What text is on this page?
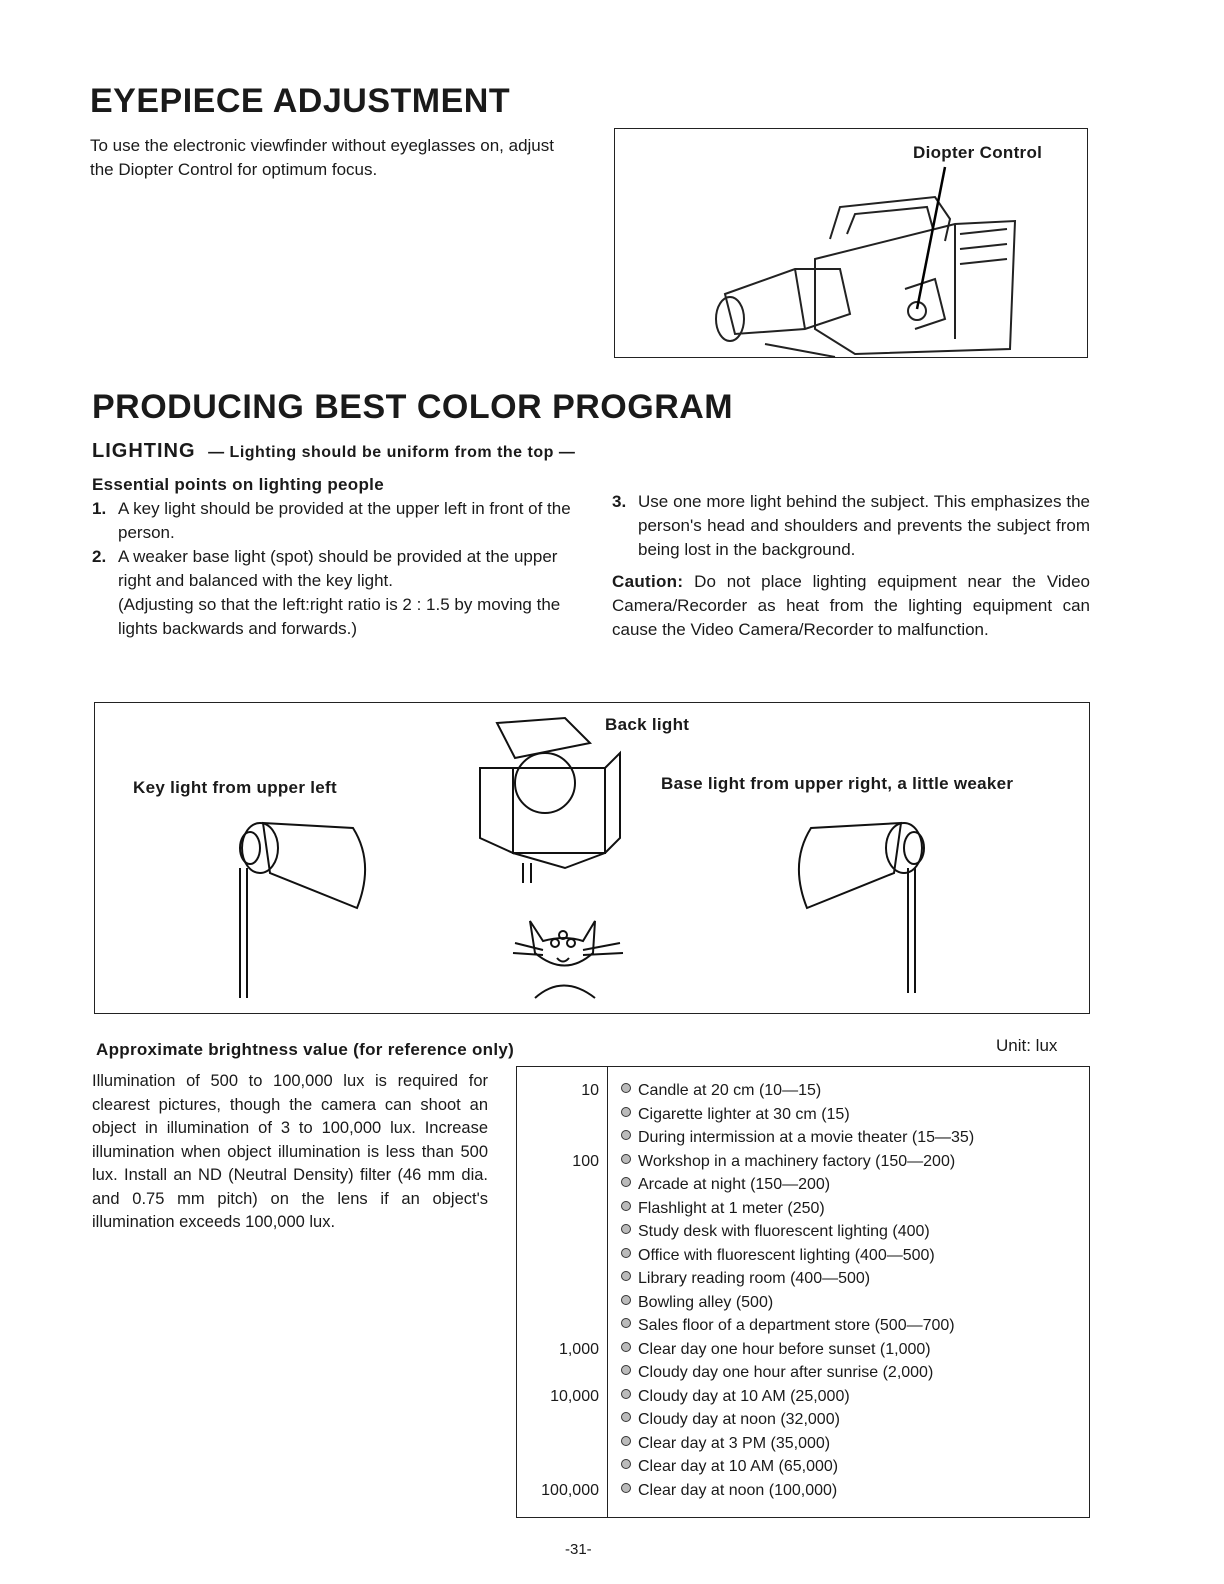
EYEPIECE ADJUSTMENT
To use the electronic viewfinder without eyeglasses on, adjust the Diopter Control for optimum focus.
Diopter Control
PRODUCING BEST COLOR PROGRAM
LIGHTING — Lighting should be uniform from the top —
Essential points on lighting people
1. A key light should be provided at the upper left in front of the person.
2. A weaker base light (spot) should be provided at the upper right and balanced with the key light.
(Adjusting so that the left:right ratio is 2 : 1.5 by moving the lights backwards and forwards.)
3. Use one more light behind the subject. This emphasizes the person's head and shoulders and prevents the subject from being lost in the background.
Caution: Do not place lighting equipment near the Video Camera/Recorder as heat from the lighting equipment can cause the Video Camera/Recorder to malfunction.
Back light
Key light from upper left	Base light from upper right, a little weaker
Approximate brightness value (for reference only)	Unit: lux
Illumination of 500 to 100,000 lux is required for clearest pictures, though the camera can shoot an object in illumination of 3 to 100,000 lux. Increase illumination when object illumination is less than 500 lux. Install an ND (Neutral Density) filter (46 mm dia. and 0.75 mm pitch) on the lens if an object's illumination exceeds 100,000 lux.
10	Candle at 20 cm (10—15)
Cigarette lighter at 30 cm (15)
During intermission at a movie theater (15—35)
100	Workshop in a machinery factory (150—200)
Arcade at night (150—200)
Flashlight at 1 meter (250)
Study desk with fluorescent lighting (400)
Office with fluorescent lighting (400—500)
Library reading room (400—500)
Bowling alley (500)
Sales floor of a department store (500—700)
1,000	Clear day one hour before sunset (1,000)
Cloudy day one hour after sunrise (2,000)
10,000	Cloudy day at 10 AM (25,000)
Cloudy day at noon (32,000)
Clear day at 3 PM (35,000)
Clear day at 10 AM (65,000)
100,000	Clear day at noon (100,000)
-31-
